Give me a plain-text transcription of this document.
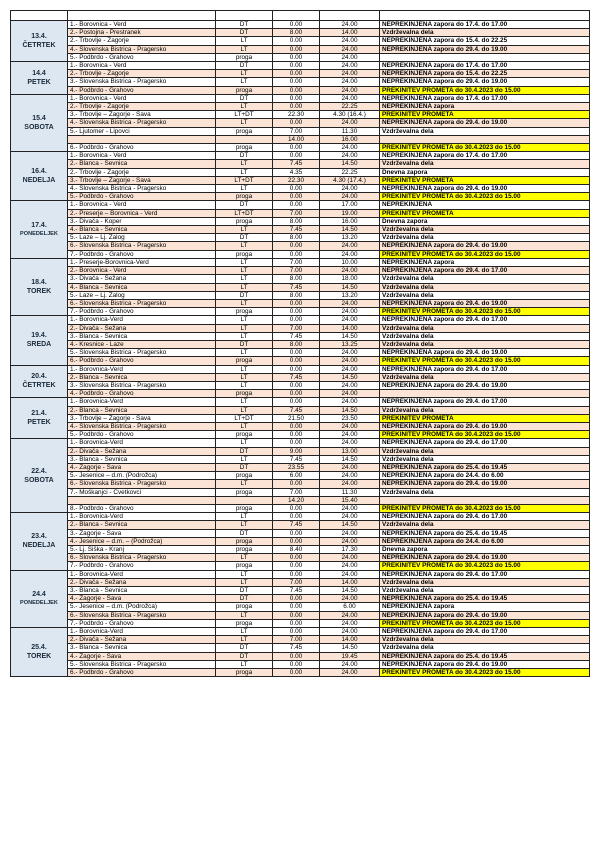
13.4.
ČETRTEK	1.- Borovnica - Verd	DT	0.00	24.00	NEPREKINJENA zapora do 17.4. do 17.00
	2.- Postojna - Prestranek	DT	8.00	14.00	Vzdrževalna dela
	2.- Trbovlje - Zagorje	LT	0.00	24.00	NEPREKINJENA zapora do 15.4. do 22.25
	4.- Slovenska Bistrica - Pragersko	LT	0.00	24.00	NEPREKINJENA zapora do 29.4. do 19.00
	5.- Podbrdo - Grahovo	proga	0.00	24.00	

14.4
PETEK	1.- Borovnica - Verd	DT	0.00	24.00	NEPREKINJENA zapora do 17.4. do 17.00
	2.- Trbovlje - Zagorje	LT	0.00	24.00	NEPREKINJENA zapora do 15.4. do 22.25
	3.- Slovenska Bistrica - Pragersko	LT	0.00	24.00	NEPREKINJENA zapora do 29.4. do 19.00
	4.- Podbrdo - Grahovo	proga	0.00	24.00	PREKINITEV PROMETA do 30.4.2023 do 15.00

15.4
SOBOTA	1.- Borovnica - Verd	DT	0.00	24.00	NEPREKINJENA zapora do 17.4. do 17.00
	2.- Trbovlje - Zagorje	LT	0.00	22.25	NEPREKINJENA zapora
	3.- Trbovlje – Zagorje - Sava	LT+DT	22.30	4.30 (16.4.)	PREKINITEV PROMETA
	4.- Slovenska Bistrica - Pragersko	LT	0.00	24.00	NEPREKINJENA zapora do 29.4. do 19.00
	5.- Ljutomer - Lipovci	proga	7.00	11.30	Vzdrževalna dela
			14.00	16.00	
	6.- Podbrdo - Grahovo	proga	0.00	24.00	PREKINITEV PROMETA do 30.4.2023 do 15.00

16.4.
NEDELJA	1.- Borovnica - Verd	DT	0.00	24.00	NEPREKINJENA zapora do 17.4. do 17.00
	2.- Blanca - Sevnica	LT	7.45	14.50	Vzdrževalna dela
	2.- Trbovlje - Zagorje	LT	4.35	22.25	Dnevna zapora
	3.- Trbovlje – Zagorje - Sava	LT+DT	22.30	4.30 (17.4.)	PREKINITEV PROMETA
	4.- Slovenska Bistrica - Pragersko	LT	0.00	24.00	NEPREKINJENA zapora do 29.4. do 19.00
	5.- Podbrdo - Grahovo	proga	0.00	24.00	PREKINITEV PROMETA do 30.4.2023 do 15.00

17.4.
PONEDELJEK	1.- Borovnica - Verd	DT	0.00	17.00	NEPREKINJENA
	2.- Preserje – Borovnica - Verd	LT+DT	7.00	19.00	PREKINITEV PROMETA
	3.- Divača - Koper	proga	8.00	16.00	Dnevna zapora
	4.- Blanca - Sevnica	LT	7.45	14.50	Vzdrževalna dela
	5.- Laze – Lj. Zalog	DT	8.00	13.20	Vzdrževalna dela
	6.- Slovenska Bistrica - Pragersko	LT	0.00	24.00	NEPREKINJENA zapora do 29.4. do 19.00
	7.- Podbrdo - Grahovo	proga	0.00	24.00	PREKINITEV PROMETA do 30.4.2023 do 15.00

18.4.
TOREK	1.- Preserje-Borovnica-Verd	LT	7.00	10.00	NEPREKINJENA zapora
	2.- Borovnica - Verd	LT	7.00	24.00	NEPREKINJENA zapora do 29.4. do 17.00
	3.- Divača - Sežana	LT	8.00	18.00	Vzdrževalna dela
	4.- Blanca - Sevnica	LT	7.45	14.50	Vzdrževalna dela
	5.- Laze – Lj. Zalog	DT	8.00	13.20	Vzdrževalna dela
	6.- Slovenska Bistrica - Pragersko	LT	0.00	24.00	NEPREKINJENA zapora do 29.4. do 19.00
	7.- Podbrdo - Grahovo	proga	0.00	24.00	PREKINITEV PROMETA do 30.4.2023 do 15.00

19.4.
SREDA	1.- Borovnica-Verd	LT	0.00	24.00	NEPREKINJENA zapora do 29.4. do 17.00
	2.- Divača - Sežana	LT	7.00	14.00	Vzdrževalna dela
	3.- Blanca - Sevnica	LT	7.45	14.50	Vzdrževalna dela
	4.- Kresnice - Laze	DT	8.00	13.25	Vzdrževalna dela
	5.- Slovenska Bistrica - Pragersko	LT	0.00	24.00	NEPREKINJENA zapora do 29.4. do 19.00
	6.- Podbrdo - Grahovo	proga	0.00	24.00	PREKINITEV PROMETA do 30.4.2023 do 15.00

20.4.
ČETRTEK	1.- Borovnica-Verd	LT	0.00	24.00	NEPREKINJENA zapora do 29.4. do 17.00
	2.- Blanca - Sevnica	LT	7.45	14.50	Vzdrževalna dela
	3.- Slovenska Bistrica - Pragersko	LT	0.00	24.00	NEPREKINJENA zapora do 29.4. do 19.00
	4.- Podbrdo - Grahovo	proga	0.00	24.00	

21.4.
PETEK	1.- Borovnica-Verd	LT	0.00	24.00	NEPREKINJENA zapora do 29.4. do 17.00
	2.- Blanca - Sevnica	LT	7.45	14.50	Vzdrževalna dela
	3.- Trbovlje – Zagorje - Sava	LT+DT	21.50	23.50	PREKINITEV PROMETA
	4.- Slovenska Bistrica - Pragersko	LT	0.00	24.00	NEPREKINJENA zapora do 29.4. do 19.00
	5.- Podbrdo - Grahovo	proga	0.00	24.00	PREKINITEV PROMETA do 30.4.2023 do 15.00

22.4.
SOBOTA	1.- Borovnica-Verd	LT	0.00	24.00	NEPREKINJENA zapora do 29.4. do 17.00
	2.- Divača - Sežana	DT	9.00	13.00	Vzdrževalna dela
	3.- Blanca - Sevnica	LT	7.45	14.50	Vzdrževalna dela
	4.- Zagorje - Sava	DT	23.55	24.00	NEPREKINJENA zapora do 25.4. do 19.45
	5.- Jesenice – d.m. (Podrožca)	proga	6.00	24.00	NEPREKINJENA zapora do 24.4. do 6.00
	6.- Slovenska Bistrica - Pragersko	LT	0.00	24.00	NEPREKINJENA zapora do 29.4. do 19.00
	7.- Moškanjci - Cvetkovci	proga	7.00	11.30	Vzdrževalna dela
			14.20	15.40	
	8.- Podbrdo - Grahovo	proga	0.00	24.00	PREKINITEV PROMETA do 30.4.2023 do 15.00

23.4.
NEDELJA	1.- Borovnica-Verd	LT	0.00	24.00	NEPREKINJENA zapora do 29.4. do 17.00
	2.- Blanca - Sevnica	LT	7.45	14.50	Vzdrževalna dela
	3.- Zagorje - Sava	DT	0.00	24.00	NEPREKINJENA zapora do 25.4. do 19.45
	4.- Jesenice – d.m. – (Podrožca)	proga	0.00	24.00	NEPREKINJENA zapora do 24.4. do 6.00
	5.- Lj. Šiška - Kranj	proga	8.40	17.30	Dnevna zapora
	6.- Slovenska Bistrica - Pragersko	LT	0.00	24.00	NEPREKINJENA zapora do 29.4. do 19.00
	7.- Podbrdo - Grahovo	proga	0.00	24.00	PREKINITEV PROMETA do 30.4.2023 do 15.00

24.4
PONEDELJEK	1.- Borovnica-Verd	LT	0.00	24.00	NEPREKINJENA zapora do 29.4. do 17.00
	2.- Divača - Sežana	LT	7.00	14.00	Vzdrževalna dela
	3.- Blanca - Sevnica	DT	7.45	14.50	Vzdrževalna dela
	4.- Zagorje - Sava	DT	0.00	24.00	NEPREKINJENA zapora do 25.4. do 19.45
	5.- Jesenice – d.m. (Podrožca)	proga	0.00	6.00	NEPREKINJENA zapora
	6.- Slovenska Bistrica - Pragersko	LT	0.00	24.00	NEPREKINJENA zapora do 29.4. do 19.00
	7.- Podbrdo - Grahovo	proga	0.00	24.00	PREKINITEV PROMETA do 30.4.2023 do 15.00

25.4.
TOREK	1.- Borovnica-Verd	LT	0.00	24.00	NEPREKINJENA zapora do 29.4. do 17.00
	2.- Divača - Sežana	LT	7.00	14.00	Vzdrževalna dela
	3.- Blanca - Sevnica	DT	7.45	14.50	Vzdrževalna dela
	4.- Zagorje - Sava	DT	0.00	19.45	NEPREKINJENA zapora do 25.4. do 19.45
	5.- Slovenska Bistrica - Pragersko	LT	0.00	24.00	NEPREKINJENA zapora do 29.4. do 19.00
	6.- Podbrdo - Grahovo	proga	0.00	24.00	PREKINITEV PROMETA do 30.4.2023 do 15.00
